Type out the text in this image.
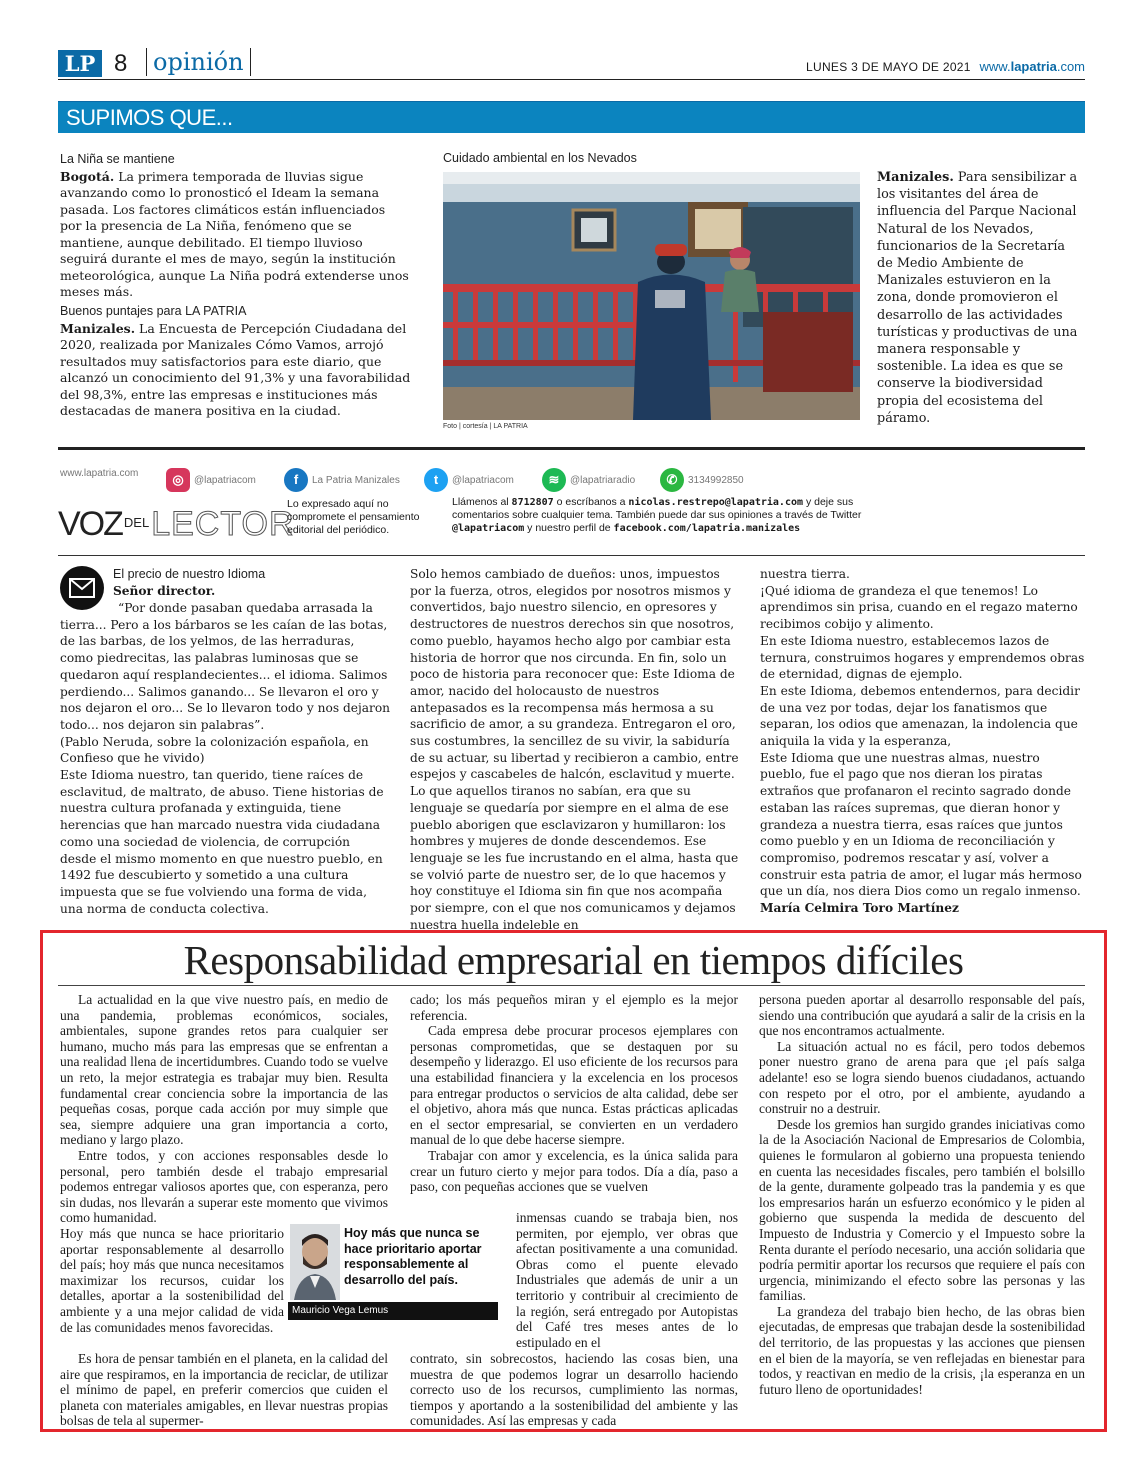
LP 8 opinión	LUNES 3 DE MAYO DE 2021 www.lapatria.com
SUPIMOS QUE...
La Niña se mantiene

Bogotá. La primera temporada de lluvias sigue avanzando como lo pronosticó el Ideam la semana pasada. Los factores climáticos están influenciados por la presencia de La Niña, fenómeno que se mantiene, aunque debilitado. El tiempo lluvioso seguirá durante el mes de mayo, según la institución meteorológica, aunque La Niña podrá extenderse unos meses más.

Buenos puntajes para LA PATRIA

Manizales. La Encuesta de Percepción Ciudadana del 2020, realizada por Manizales Cómo Vamos, arrojó resultados muy satisfactorios para este diario, que alcanzó un conocimiento del 91,3% y una favorabilidad del 98,3%, entre las empresas e instituciones más destacadas de manera positiva en la ciudad.

Cuidado ambiental en los Nevados
Foto | cortesía | LA PATRIA

Manizales. Para sensibilizar a los visitantes del área de influencia del Parque Nacional Natural de los Nevados, funcionarios de la Secretaría de Medio Ambiente de Manizales estuvieron en la zona, donde promovieron el desarrollo de las actividades turísticas y productivas de una manera responsable y sostenible. La idea es que se conserve la biodiversidad propia del ecosistema del páramo.

www.lapatria.com	◎	@lapatriacom	f	La Patria Manizales	t	@lapatriacom	≋	@lapatriaradio	✆	3134992850
VOZ $^{DEL}$LECTOR
Lo expresado aquí no compromete el pensamiento editorial del periódico.
Llámenos al 8712807 o escríbanos a nicolas.restrepo@lapatria.com y deje sus comentarios sobre cualquier tema. También puede dar sus opiniones a través de Twitter @lapatriacom y nuestro perfil de facebook.com/lapatria.manizales
El precio de nuestro Idioma
Señor director.

“Por donde pasaban quedaba arrasada la tierra... Pero a los bárbaros se les caían de las botas, de las barbas, de los yelmos, de las herraduras, como piedrecitas, las palabras luminosas que se quedaron aquí resplandecientes... el idioma. Salimos perdiendo... Salimos ganando... Se llevaron el oro y nos dejaron el oro... Se lo llevaron todo y nos dejaron todo... nos dejaron sin palabras”.

(Pablo Neruda, sobre la colonización española, en Confieso que he vivido)

Este Idioma nuestro, tan querido, tiene raíces de esclavitud, de maltrato, de abuso. Tiene historias de nuestra cultura profanada y extinguida, tiene herencias que han marcado nuestra vida ciudadana como una sociedad de violencia, de corrupción desde el mismo momento en que nuestro pueblo, en 1492 fue descubierto y sometido a una cultura impuesta que se fue volviendo una forma de vida, una norma de conducta colectiva.

Solo hemos cambiado de dueños: unos, impuestos por la fuerza, otros, elegidos por nosotros mismos y convertidos, bajo nuestro silencio, en opresores y destructores de nuestros derechos sin que nosotros, como pueblo, hayamos hecho algo por cambiar esta historia de horror que nos circunda. En fin, solo un poco de historia para reconocer que: Este Idioma de amor, nacido del holocausto de nuestros antepasados es la recompensa más hermosa a su sacrificio de amor, a su grandeza. Entregaron el oro, sus costumbres, la sencillez de su vivir, la sabiduría de su actuar, su libertad y recibieron a cambio, entre espejos y cascabeles de halcón, esclavitud y muerte. Lo que aquellos tiranos no sabían, era que su lenguaje se quedaría por siempre en el alma de ese pueblo aborigen que esclavizaron y humillaron: los hombres y mujeres de donde descendemos. Ese lenguaje se les fue incrustando en el alma, hasta que se volvió parte de nuestro ser, de lo que hacemos y hoy constituye el Idioma sin fin que nos acompaña por siempre, con el que nos comunicamos y dejamos nuestra huella indeleble en

nuestra tierra.

¡Qué idioma de grandeza el que tenemos! Lo aprendimos sin prisa, cuando en el regazo materno recibimos cobijo y alimento.

En este Idioma nuestro, establecemos lazos de ternura, construimos hogares y emprendemos obras de eternidad, dignas de ejemplo.

En este Idioma, debemos entendernos, para decidir de una vez por todas, dejar los fanatismos que separan, los odios que amenazan, la indolencia que aniquila la vida y la esperanza,

Este Idioma que une nuestras almas, nuestro pueblo, fue el pago que nos dieran los piratas extraños que profanaron el recinto sagrado donde estaban las raíces supremas, que dieran honor y grandeza a nuestra tierra, esas raíces que juntos como pueblo y en un Idioma de reconciliación y compromiso, podremos rescatar y así, volver a construir esta patria de amor, el lugar más hermoso que un día, nos diera Dios como un regalo inmenso.

María Celmira Toro Martínez

Responsabilidad empresarial en tiempos difíciles

La actualidad en la que vive nuestro país, en medio de una pandemia, problemas económicos, sociales, ambientales, supone grandes retos para cualquier ser humano, mucho más para las empresas que se enfrentan a una realidad llena de incertidumbres. Cuando todo se vuelve un reto, la mejor estrategia es trabajar muy bien. Resulta fundamental crear conciencia sobre la importancia de las pequeñas cosas, porque cada acción por muy simple que sea, siempre adquiere una gran importancia a corto, mediano y largo plazo.

Entre todos, y con acciones responsables desde lo personal, pero también desde el trabajo empresarial podemos entregar valiosos aportes que, con esperanza, pero sin dudas, nos llevarán a superar este momento que vivimos como humanidad.

Hoy más que nunca se hace prioritario aportar responsablemente al desarrollo del país; hoy más que nunca necesitamos maximizar los recursos, cuidar los detalles, aportar a la sostenibilidad del ambiente y a una mejor calidad de vida de las comunidades menos favorecidas.

Es hora de pensar también en el planeta, en la calidad del aire que respiramos, en la importancia de reciclar, de utilizar el mínimo de papel, en preferir comercios que cuiden el planeta con materiales amigables, en llevar nuestras propias bolsas de tela al supermer-

cado; los más pequeños miran y el ejemplo es la mejor referencia.

Cada empresa debe procurar procesos ejemplares con personas comprometidas, que se destaquen por su desempeño y liderazgo. El uso eficiente de los recursos para una estabilidad financiera y la excelencia en los procesos para entregar productos o servicios de alta calidad, debe ser el objetivo, ahora más que nunca. Estas prácticas aplicadas en el sector empresarial, se convierten en un verdadero manual de lo que debe hacerse siempre.

Trabajar con amor y excelencia, es la única salida para crear un futuro cierto y mejor para todos. Día a día, paso a paso, con pequeñas acciones que se vuelven

inmensas cuando se trabaja bien, nos permiten, por ejemplo, ver obras que afectan positivamente a una comunidad. Obras como el puente elevado Industriales que además de unir a un territorio y contribuir al crecimiento de la región, será entregado por Autopistas del Café tres meses antes de lo estipulado en el

contrato, sin sobrecostos, haciendo las cosas bien, una muestra de que podemos lograr un desarrollo haciendo correcto uso de los recursos, cumplimiento las normas, tiempos y aportando a la sostenibilidad del ambiente y las comunidades. Así las empresas y cada

persona pueden aportar al desarrollo responsable del país, siendo una contribución que ayudará a salir de la crisis en la que nos encontramos actualmente.

La situación actual no es fácil, pero todos debemos poner nuestro grano de arena para que ¡el país salga adelante! eso se logra siendo buenos ciudadanos, actuando con respeto por el otro, por el ambiente, ayudando a construir no a destruir.

Desde los gremios han surgido grandes iniciativas como la de la Asociación Nacional de Empresarios de Colombia, quienes le formularon al gobierno una propuesta teniendo en cuenta las necesidades fiscales, pero también el bolsillo de la gente, duramente golpeado tras la pandemia y es que los empresarios harán un esfuerzo económico y le piden al gobierno que suspenda la medida de descuento del Impuesto de Industria y Comercio y el Impuesto sobre la Renta durante el período necesario, una acción solidaria que podría permitir aportar los recursos que requiere el país con urgencia, minimizando el efecto sobre las personas y las familias.

La grandeza del trabajo bien hecho, de las obras bien ejecutadas, de empresas que trabajan desde la sostenibilidad del territorio, de las propuestas y las acciones que piensen en el bien de la mayoría, se ven reflejadas en bienestar para todos, y reactivan en medio de la crisis, ¡la esperanza en un futuro lleno de oportunidades!

Hoy más que nunca se hace prioritario aportar responsablemente al desarrollo del país.
Mauricio Vega Lemus
